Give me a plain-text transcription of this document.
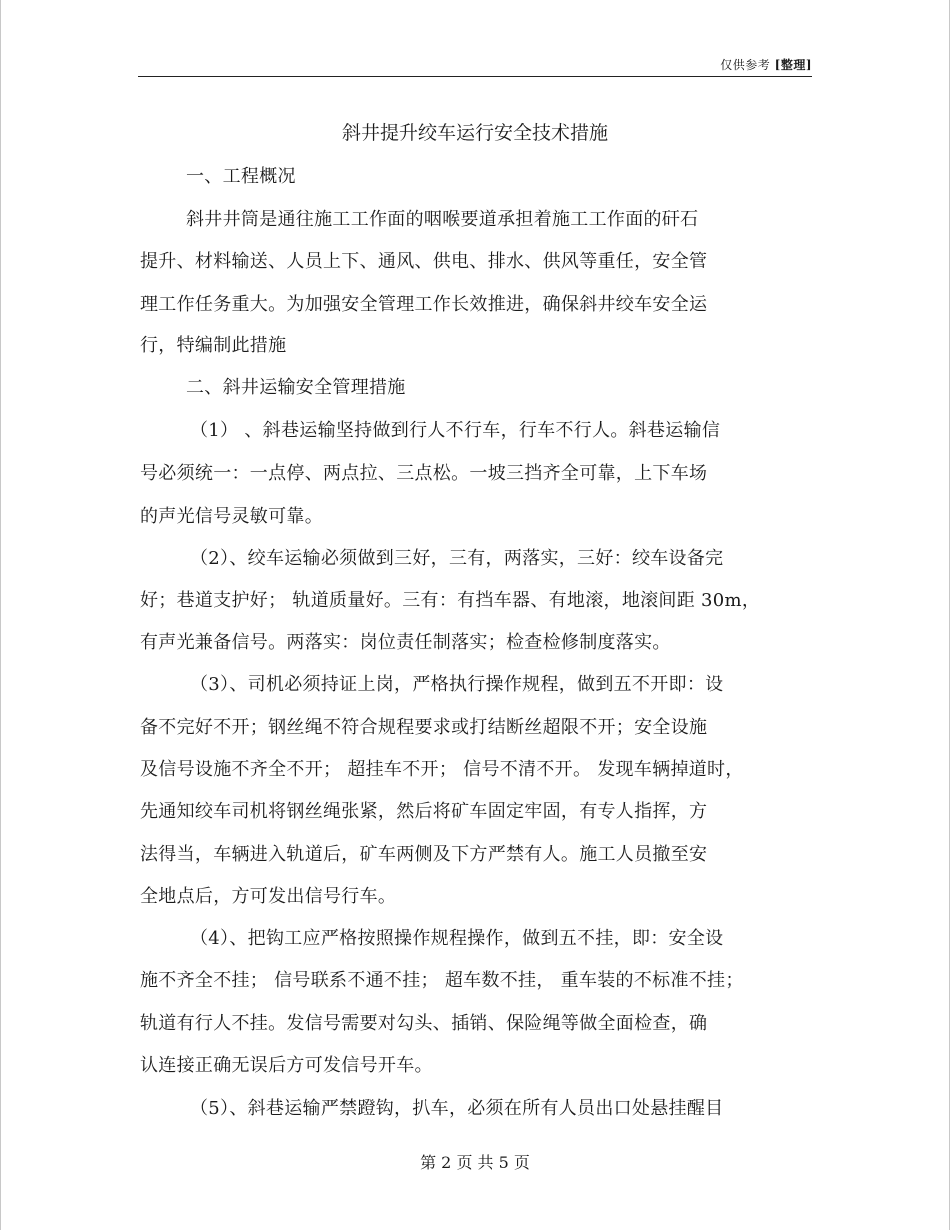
仅供参考 [整理]
斜井提升绞车运行安全技术措施
一、工程概况
斜井井筒是通往施工工作面的咽喉要道承担着施工工作面的矸石
提升、材料输送、人员上下、通风、供电、排水、供风等重任，安全管
理工作任务重大。为加强安全管理工作长效推进，确保斜井绞车安全运
行，特编制此措施
二、斜井运输安全管理措施
（1） 、斜巷运输坚持做到行人不行车，行车不行人。斜巷运输信
号必须统一：一点停、两点拉、三点松。一坡三挡齐全可靠，上下车场
的声光信号灵敏可靠。
（2）、绞车运输必须做到三好，三有，两落实，三好：绞车设备完
好；巷道支护好； 轨道质量好。三有：有挡车器、有地滚，地滚间距 30m，
有声光兼备信号。两落实：岗位责任制落实；检查检修制度落实。
（3）、司机必须持证上岗，严格执行操作规程，做到五不开即：设
备不完好不开；钢丝绳不符合规程要求或打结断丝超限不开；安全设施
及信号设施不齐全不开； 超挂车不开； 信号不清不开。 发现车辆掉道时，
先通知绞车司机将钢丝绳张紧，然后将矿车固定牢固，有专人指挥，方
法得当，车辆进入轨道后，矿车两侧及下方严禁有人。施工人员撤至安
全地点后，方可发出信号行车。
（4）、把钩工应严格按照操作规程操作，做到五不挂，即：安全设
施不齐全不挂； 信号联系不通不挂； 超车数不挂， 重车装的不标准不挂；
轨道有行人不挂。发信号需要对勾头、插销、保险绳等做全面检查，确
认连接正确无误后方可发信号开车。
（5）、斜巷运输严禁蹬钩，扒车，必须在所有人员出口处悬挂醒目
第 2 页 共 5 页
